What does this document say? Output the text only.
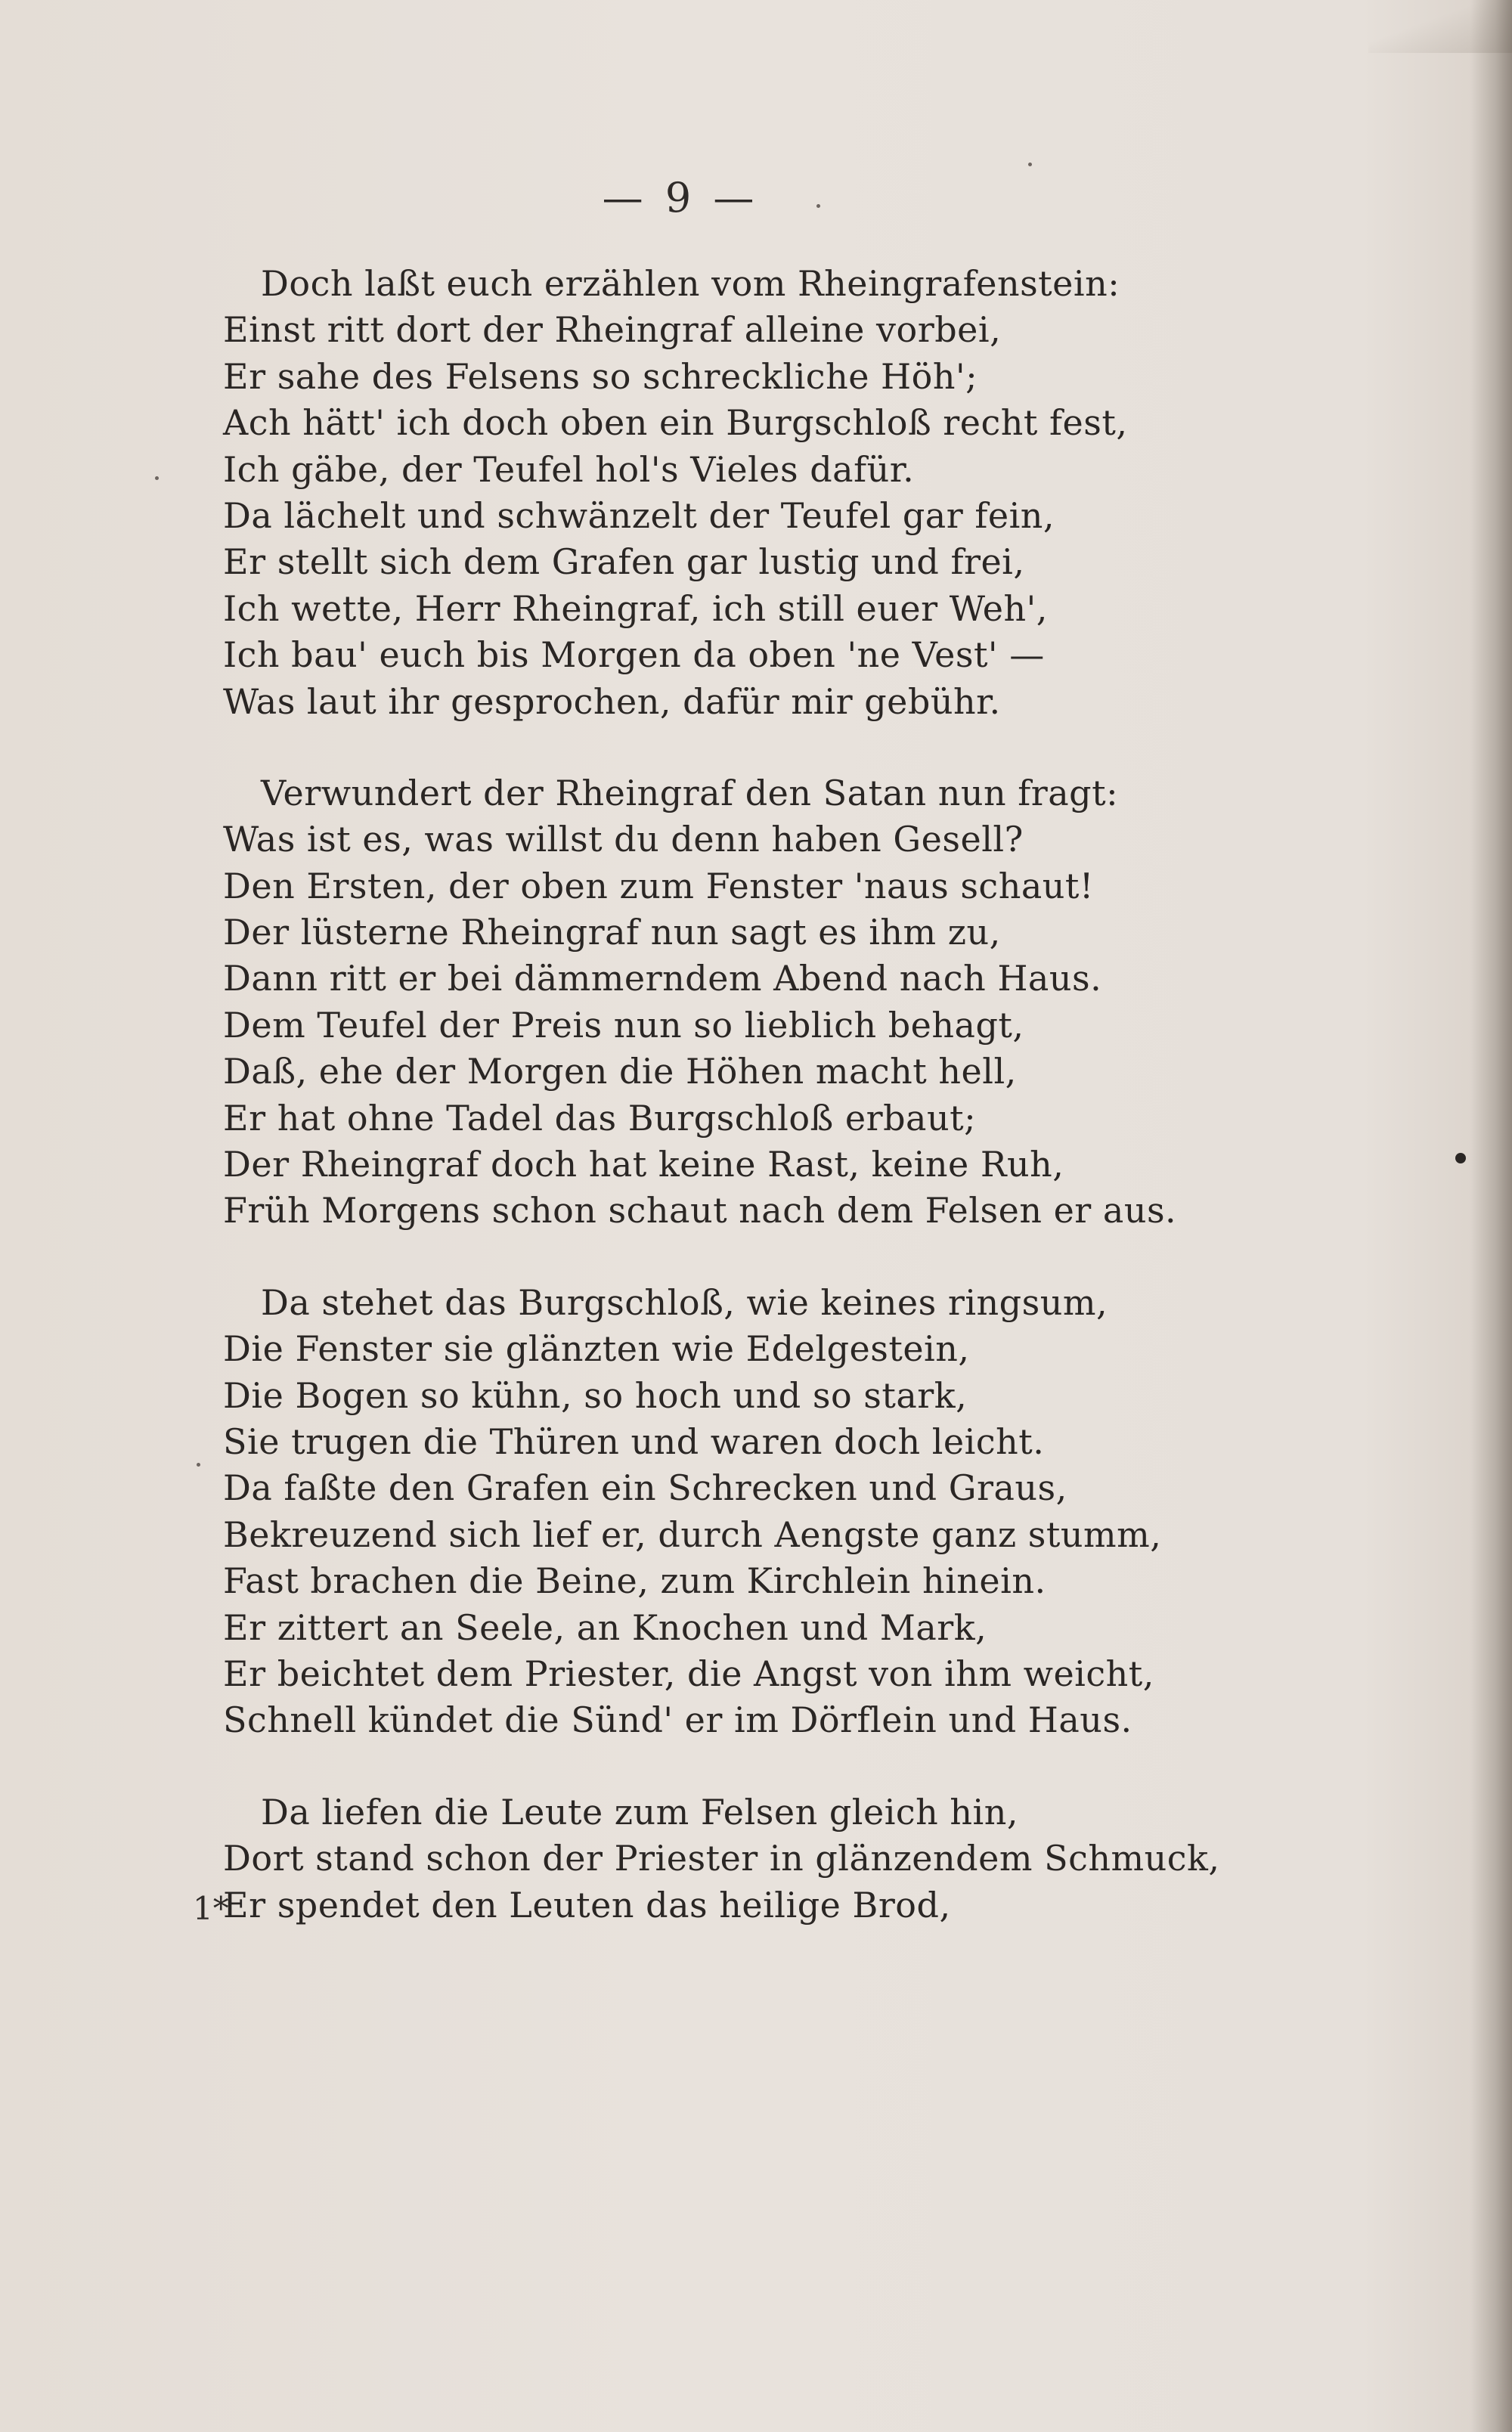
— 9 —
Doch laßt euch erzählen vom Rheingrafenstein:
Einst ritt dort der Rheingraf alleine vorbei,
Er sahe des Felsens so schreckliche Höh';
Ach hätt' ich doch oben ein Burgschloß recht fest,
Ich gäbe, der Teufel hol's Vieles dafür.
Da lächelt und schwänzelt der Teufel gar fein,
Er stellt sich dem Grafen gar lustig und frei,
Ich wette, Herr Rheingraf, ich still euer Weh',
Ich bau' euch bis Morgen da oben 'ne Vest' —
Was laut ihr gesprochen, dafür mir gebühr.
Verwundert der Rheingraf den Satan nun fragt:
Was ist es, was willst du denn haben Gesell?
Den Ersten, der oben zum Fenster 'naus schaut!
Der lüsterne Rheingraf nun sagt es ihm zu,
Dann ritt er bei dämmerndem Abend nach Haus.
Dem Teufel der Preis nun so lieblich behagt,
Daß, ehe der Morgen die Höhen macht hell,
Er hat ohne Tadel das Burgschloß erbaut;
Der Rheingraf doch hat keine Rast, keine Ruh,
Früh Morgens schon schaut nach dem Felsen er aus.
Da stehet das Burgschloß, wie keines ringsum,
Die Fenster sie glänzten wie Edelgestein,
Die Bogen so kühn, so hoch und so stark,
Sie trugen die Thüren und waren doch leicht.
Da faßte den Grafen ein Schrecken und Graus,
Bekreuzend sich lief er, durch Aengste ganz stumm,
Fast brachen die Beine, zum Kirchlein hinein.
Er zittert an Seele, an Knochen und Mark,
Er beichtet dem Priester, die Angst von ihm weicht,
Schnell kündet die Sünd' er im Dörflein und Haus.
Da liefen die Leute zum Felsen gleich hin,
Dort stand schon der Priester in glänzendem Schmuck,
Er spendet den Leuten das heilige Brod,
1*
